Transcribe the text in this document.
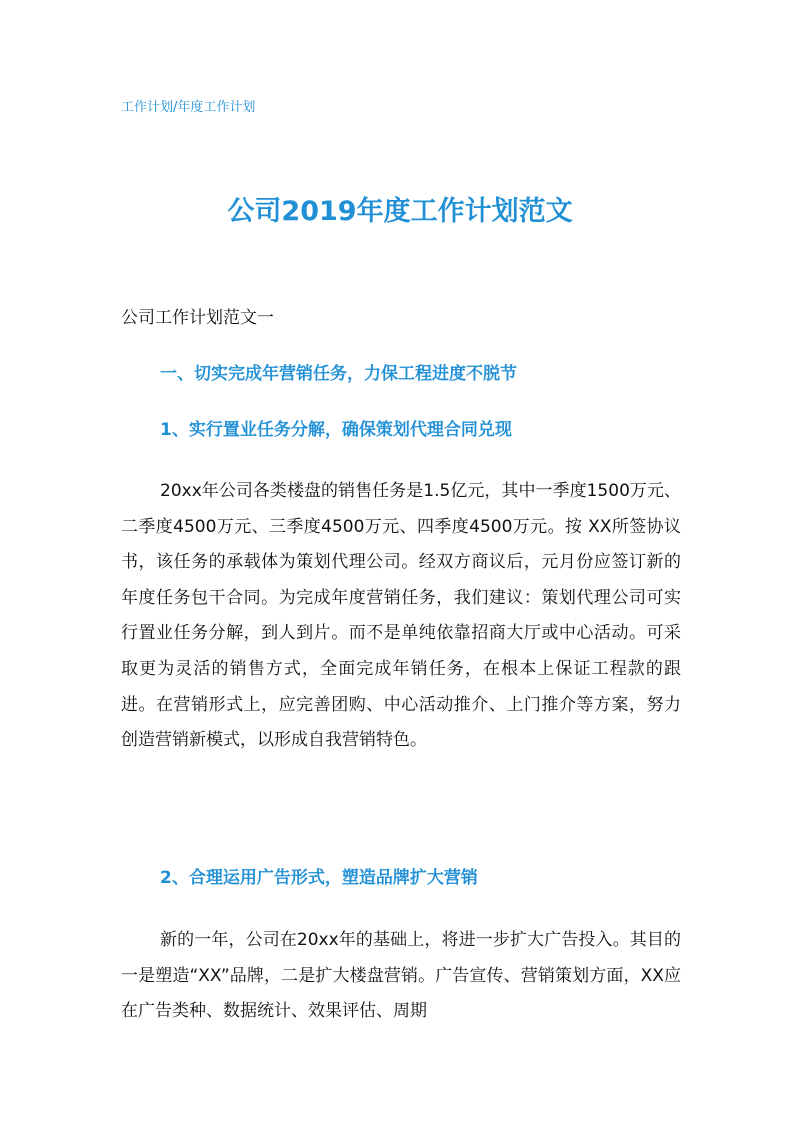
工作计划/年度工作计划
公司2019年度工作计划范文
公司工作计划范文一
一、切实完成年营销任务，力保工程进度不脱节
1、实行置业任务分解，确保策划代理合同兑现

20xx年公司各类楼盘的销售任务是1.5亿元，其中一季度1500万元、二季度4500万元、三季度4500万元、四季度4500万元。按 XX所签协议书，该任务的承载体为策划代理公司。经双方商议后，元月份应签订新的年度任务包干合同。为完成年度营销任务，我们建议：策划代理公司可实行置业任务分解，到人到片。而不是单纯依靠招商大厅或中心活动。可采取更为灵活的销售方式，全面完成年销任务，在根本上保证工程款的跟进。在营销形式上，应完善团购、中心活动推介、上门推介等方案，努力创造营销新模式，以形成自我营销特色。

2、合理运用广告形式，塑造品牌扩大营销

新的一年，公司在20xx年的基础上，将进一步扩大广告投入。其目的一是塑造“XX”品牌，二是扩大楼盘营销。广告宣传、营销策划方面，XX应在广告类种、数据统计、效果评估、周期
